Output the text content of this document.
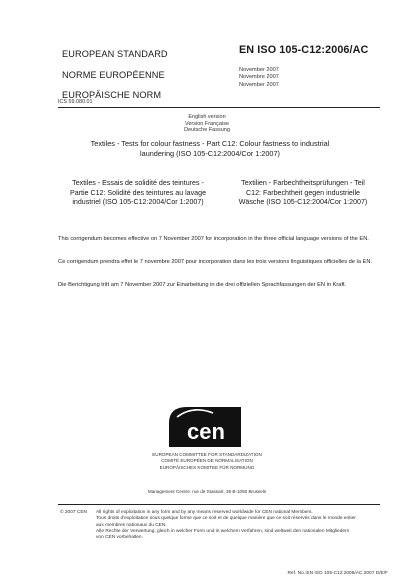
EUROPEAN STANDARD
NORME EUROPÉENNE
EUROPÄISCHE NORM
EN ISO 105-C12:2006/AC
November 2007
Novembre 2007
November 2007
ICS 59.080.01
English version
Version Française
Deutsche Fassung
Textiles - Tests for colour fastness - Part C12: Colour fastness to industrial
laundering (ISO 105-C12:2004/Cor 1:2007)
Textiles - Essais de solidité des teintures -
Partie C12: Solidité des teintures au lavage
industriel (ISO 105-C12:2004/Cor 1:2007)
Textilien - Farbechtheitsprüfungen - Teil
C12: Farbechtheit gegen industrielle
Wäsche (ISO 105-C12:2004/Cor 1:2007)
This corrigendum becomes effective on 7 November 2007 for incorporation in the three official language versions of the EN.
Ce corrigendum prendra effet le 7 novembre 2007 pour incorporation dans les trois versions linguistiques officielles de la EN.
Die Berichtigung tritt am 7 November 2007 zur Einarbeitung in die drei offiziellen Sprachfassungen der EN in Kraft.
cen
EUROPEAN COMMITTEE FOR STANDARDIZATION
COMITÉ EUROPÉEN DE NORMALISATION
EUROPÄISCHES KOMITEE FÜR NORMUNG
Management Centre: rue de Stassart, 36 B-1050 Brussels
© 2007 CEN All rights of exploitation in any form and by any means reserved worldwide for CEN national Members.
Tous droits d'exploitation sous quelque forme que ce soit et de quelque manière que ce soit réservés dans le monde entier
aux membres nationaux du CEN.
Alle Rechte der Verwertung, gleich in welcher Form und in welchem Verfahren, sind weltweit den nationalen Mitgliedern
von CEN vorbehalten.
Ref. No.:EN ISO 105-C12:2006/AC:2007 D/E/F
